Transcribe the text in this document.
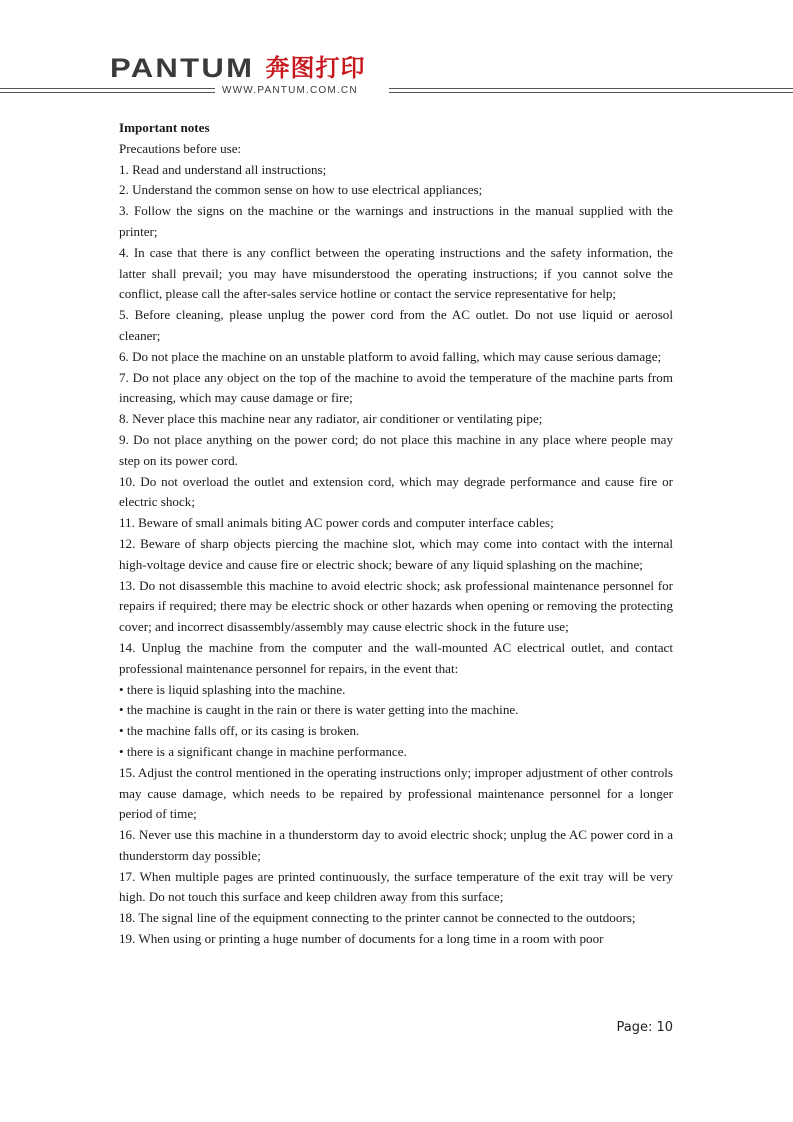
PANTUM 奔图打印
WWW.PANTUM.COM.CN

Important notes

Precautions before use:

1. Read and understand all instructions;

2. Understand the common sense on how to use electrical appliances;

3. Follow the signs on the machine or the warnings and instructions in the manual supplied with the printer;

4. In case that there is any conflict between the operating instructions and the safety information, the latter shall prevail; you may have misunderstood the operating instructions; if you cannot solve the conflict, please call the after-sales service hotline or contact the service representative for help;

5. Before cleaning, please unplug the power cord from the AC outlet. Do not use liquid or aerosol cleaner;

6. Do not place the machine on an unstable platform to avoid falling, which may cause serious damage;

7. Do not place any object on the top of the machine to avoid the temperature of the machine parts from increasing, which may cause damage or fire;

8. Never place this machine near any radiator, air conditioner or ventilating pipe;

9. Do not place anything on the power cord; do not place this machine in any place where people may step on its power cord.

10. Do not overload the outlet and extension cord, which may degrade performance and cause fire or electric shock;

11. Beware of small animals biting AC power cords and computer interface cables;

12. Beware of sharp objects piercing the machine slot, which may come into contact with the internal high-voltage device and cause fire or electric shock; beware of any liquid splashing on the machine;

13. Do not disassemble this machine to avoid electric shock; ask professional maintenance personnel for repairs if required; there may be electric shock or other hazards when opening or removing the protecting cover; and incorrect disassembly/assembly may cause electric shock in the future use;

14. Unplug the machine from the computer and the wall-mounted AC electrical outlet, and contact professional maintenance personnel for repairs, in the event that:

• there is liquid splashing into the machine.

• the machine is caught in the rain or there is water getting into the machine.

• the machine falls off, or its casing is broken.

• there is a significant change in machine performance.

15. Adjust the control mentioned in the operating instructions only; improper adjustment of other controls may cause damage, which needs to be repaired by professional maintenance personnel for a longer period of time;

16. Never use this machine in a thunderstorm day to avoid electric shock; unplug the AC power cord in a thunderstorm day possible;

17. When multiple pages are printed continuously, the surface temperature of the exit tray will be very high. Do not touch this surface and keep children away from this surface;

18. The signal line of the equipment connecting to the printer cannot be connected to the outdoors;

19. When using or printing a huge number of documents for a long time in a room with poor

Page: 10
